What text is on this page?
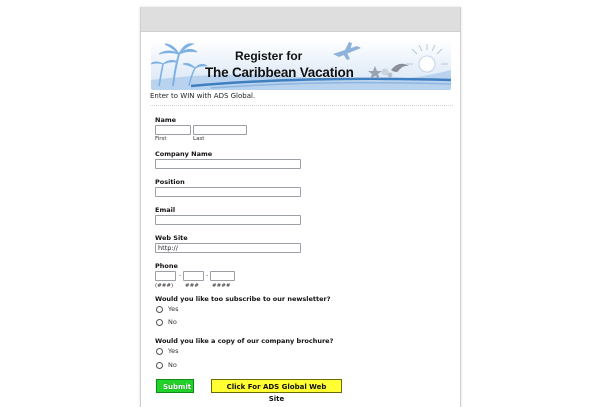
Register for
The Caribbean Vacation
Enter to WIN with ADS Global.
Name
First	Last
Company Name
Position
Email
Web Site
http://
Phone
-	-
(###) ### ####
Would you like too subscribe to our newsletter?
Yes
No
Would you like a copy of our company brochure?
Yes
No
Submit	Click For ADS Global Web Site
